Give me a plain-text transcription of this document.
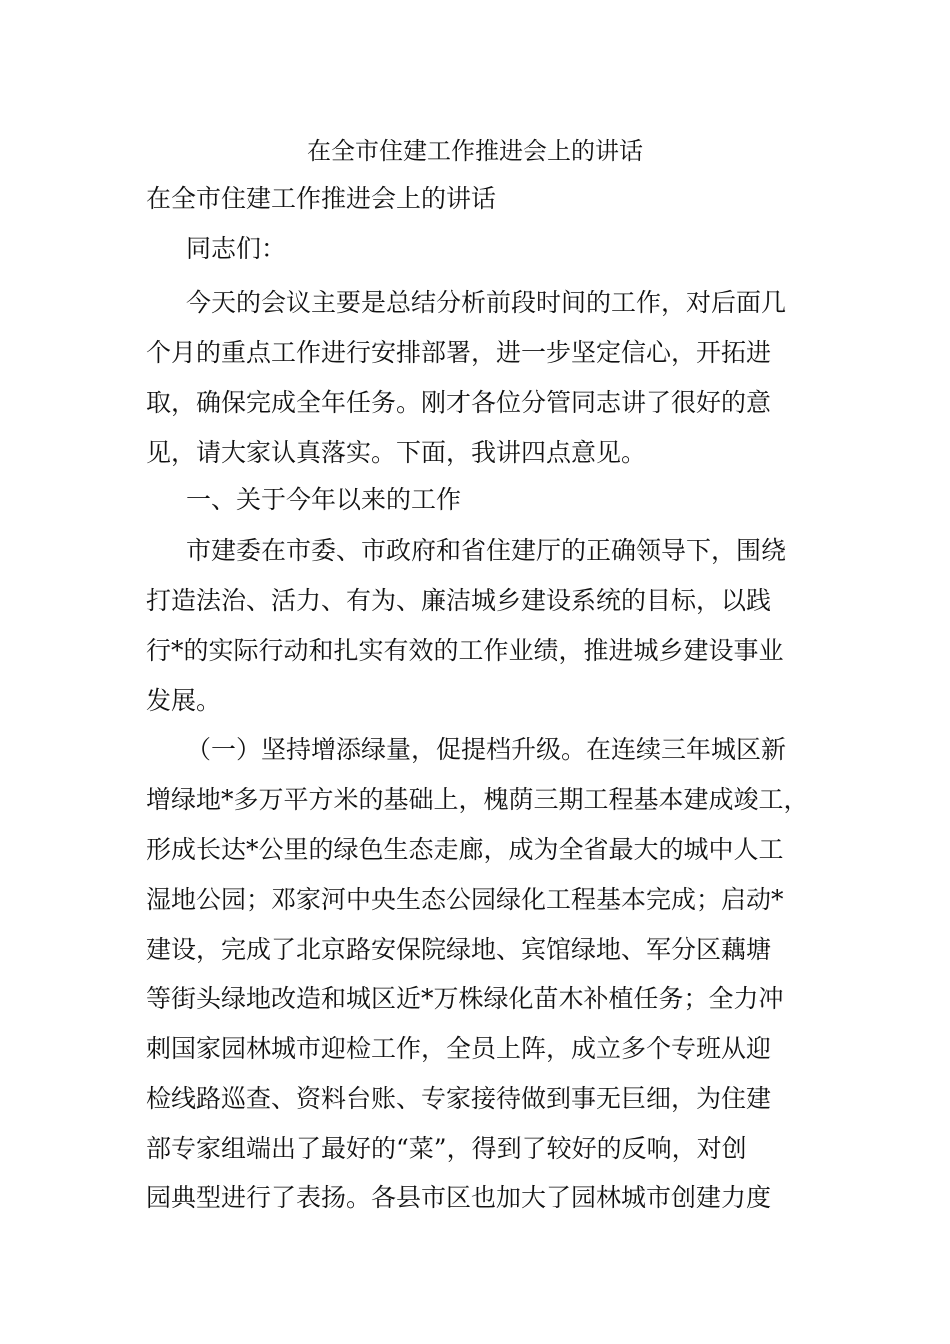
在全市住建工作推进会上的讲话
在全市住建工作推进会上的讲话
同志们：
今天的会议主要是总结分析前段时间的工作，对后面几
个月的重点工作进行安排部署，进一步坚定信心，开拓进
取，确保完成全年任务。刚才各位分管同志讲了很好的意
见，请大家认真落实。下面，我讲四点意见。
一、关于今年以来的工作
市建委在市委、市政府和省住建厅的正确领导下，围绕
打造法治、活力、有为、廉洁城乡建设系统的目标，以践
行*的实际行动和扎实有效的工作业绩，推进城乡建设事业
发展。
（一）坚持增添绿量，促提档升级。在连续三年城区新
增绿地*多万平方米的基础上，槐荫三期工程基本建成竣工，
形成长达*公里的绿色生态走廊，成为全省最大的城中人工
湿地公园；邓家河中央生态公园绿化工程基本完成；启动*
建设，完成了北京路安保院绿地、宾馆绿地、军分区藕塘
等街头绿地改造和城区近*万株绿化苗木补植任务；全力冲
刺国家园林城市迎检工作，全员上阵，成立多个专班从迎
检线路巡查、资料台账、专家接待做到事无巨细，为住建
部专家组端出了最好的“菜”，得到了较好的反响，对创
园典型进行了表扬。各县市区也加大了园林城市创建力度
